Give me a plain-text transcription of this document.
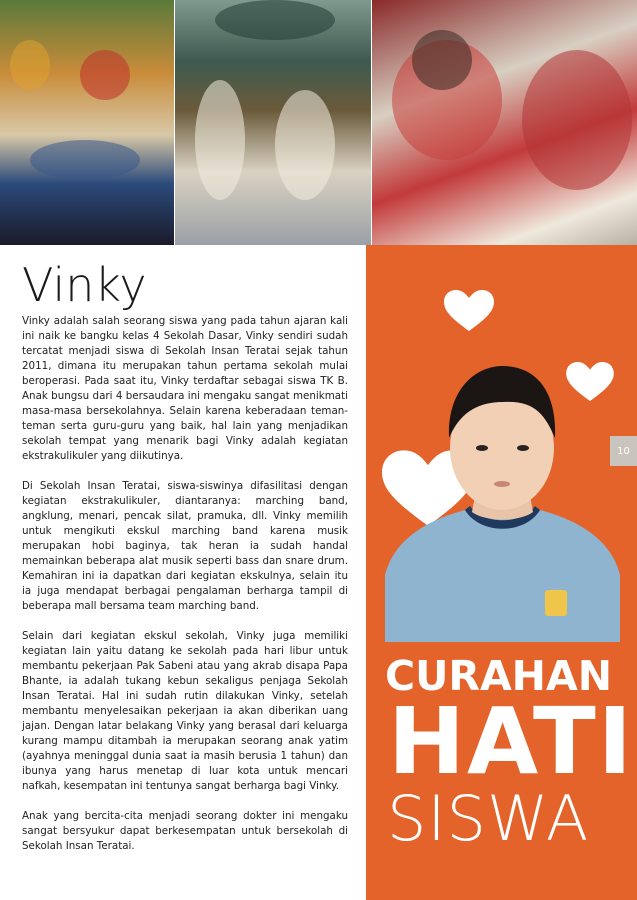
Vinky

Vinky adalah salah seorang siswa yang pada tahun ajaran kali ini naik ke bangku kelas 4 Sekolah Dasar, Vinky sendiri sudah tercatat menjadi siswa di Sekolah Insan Teratai sejak tahun 2011, dimana itu merupakan tahun pertama sekolah mulai beroperasi. Pada saat itu, Vinky terdaftar sebagai siswa TK B. Anak bungsu dari 4 bersaudara ini mengaku sangat menikmati masa-masa bersekolahnya. Selain karena keberadaan teman-teman serta guru-guru yang baik, hal lain yang menjadikan sekolah tempat yang menarik bagi Vinky adalah kegiatan ekstrakulikuler yang diikutinya.

Di Sekolah Insan Teratai, siswa-siswinya difasilitasi dengan kegiatan ekstrakulikuler, diantaranya: marching band, angklung, menari, pencak silat, pramuka, dll. Vinky memilih untuk mengikuti ekskul marching band karena musik merupakan hobi baginya, tak heran ia sudah handal memainkan beberapa alat musik seperti bass dan snare drum. Kemahiran ini ia dapatkan dari kegiatan ekskulnya, selain itu ia juga mendapat berbagai pengalaman berharga tampil di beberapa mall bersama team marching band.

Selain dari kegiatan ekskul sekolah, Vinky juga memiliki kegiatan lain yaitu datang ke sekolah pada hari libur untuk membantu pekerjaan Pak Sabeni atau yang akrab disapa Papa Bhante, ia adalah tukang kebun sekaligus penjaga Sekolah Insan Teratai. Hal ini sudah rutin dilakukan Vinky, setelah membantu menyelesaikan pekerjaan ia akan diberikan uang jajan. Dengan latar belakang Vinky yang berasal dari keluarga kurang mampu ditambah ia merupakan seorang anak yatim (ayahnya meninggal dunia saat ia masih berusia 1 tahun) dan ibunya yang harus menetap di luar kota untuk mencari nafkah, kesempatan ini tentunya sangat berharga bagi Vinky.

Anak yang bercita-cita menjadi seorang dokter ini mengaku sangat bersyukur dapat berkesempatan untuk bersekolah di Sekolah Insan Teratai.

10
CURAHAN
HATI
SISWA
